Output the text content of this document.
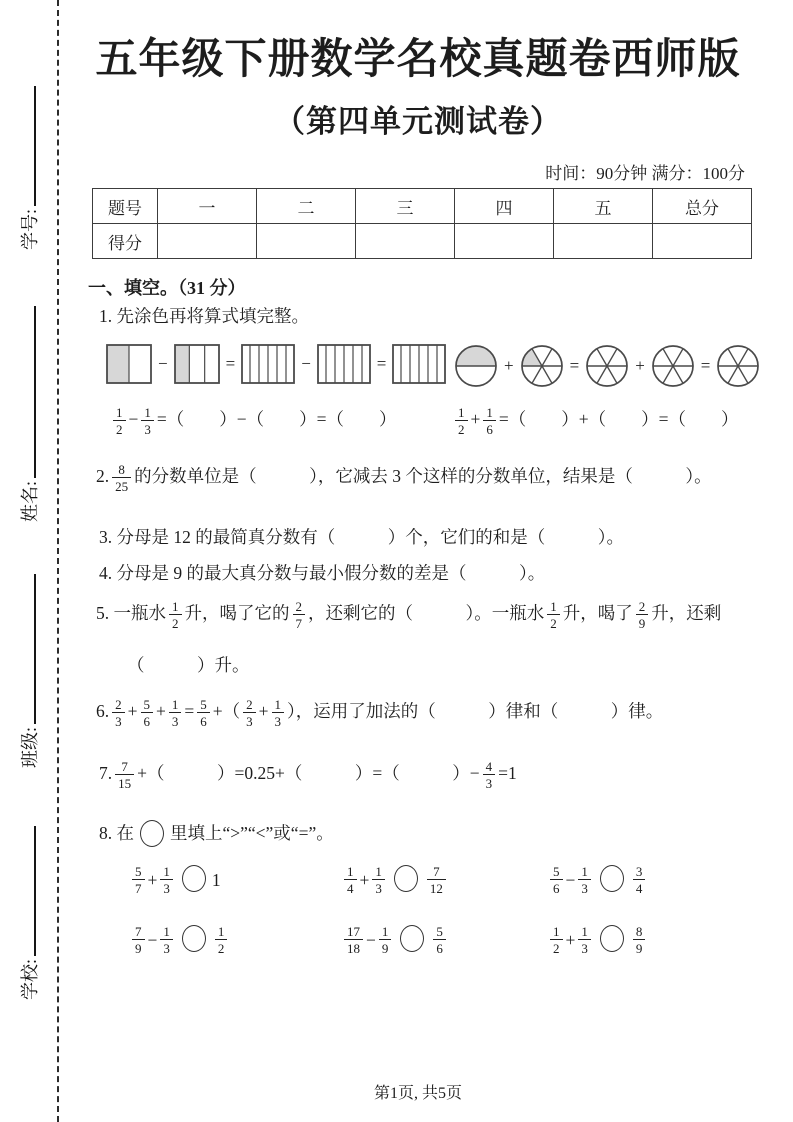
学号:
姓名:
班级:
学校:
五年级下册数学名校真题卷西师版
（第四单元测试卷）
时间：90分钟 满分：100分
题号	一	二	三	四	五	总分
得分						
一、填空。（31 分）
1. 先涂色再将算式填完整。
−	=	−	=	+	=	+	=
$\frac{1}{2} - \frac{1}{3}$ =（　　）−（　　）=（　　）	$\frac{1}{2} + \frac{1}{6}$ =（　　）+（　　）=（　　）
2. $\frac{8}{25}$ 的分数单位是（　　　），它减去 3 个这样的分数单位，结果是（　　　）。
3. 分母是 12 的最简真分数有（　　　）个，它们的和是（　　　）。
4. 分母是 9 的最大真分数与最小假分数的差是（　　　）。
5. 一瓶水 $\frac{1}{2}$ 升，喝了它的 $\frac{2}{7}$ ，还剩它的（　　　）。一瓶水 $\frac{1}{2}$ 升，喝了 $\frac{2}{9}$ 升，还剩
（　　　）升。
6. $\frac{2}{3} + \frac{5}{6} + \frac{1}{3} = \frac{5}{6}$ +（ $\frac{2}{3} + \frac{1}{3}$ ），运用了加法的（　　　）律和（　　　）律。
7. $\frac{7}{15}$ +（　　　）=0.25+（　　　）=（　　　）− $\frac{4}{3} =1$
8. 在 里填上“>”“<”或“=”。
$\frac{5}{7} + \frac{1}{3} 1$	$\frac{1}{4} + \frac{1}{3}$	$\frac{7}{12}$	$\frac{5}{6} - \frac{1}{3}$	$\frac{3}{4}$
$\frac{7}{9} - \frac{1}{3}$	$\frac{1}{2}$	$\frac{17}{18} - \frac{1}{9}$	$\frac{5}{6}$	$\frac{1}{2} + \frac{1}{3}$	$\frac{8}{9}$
第1页, 共5页
